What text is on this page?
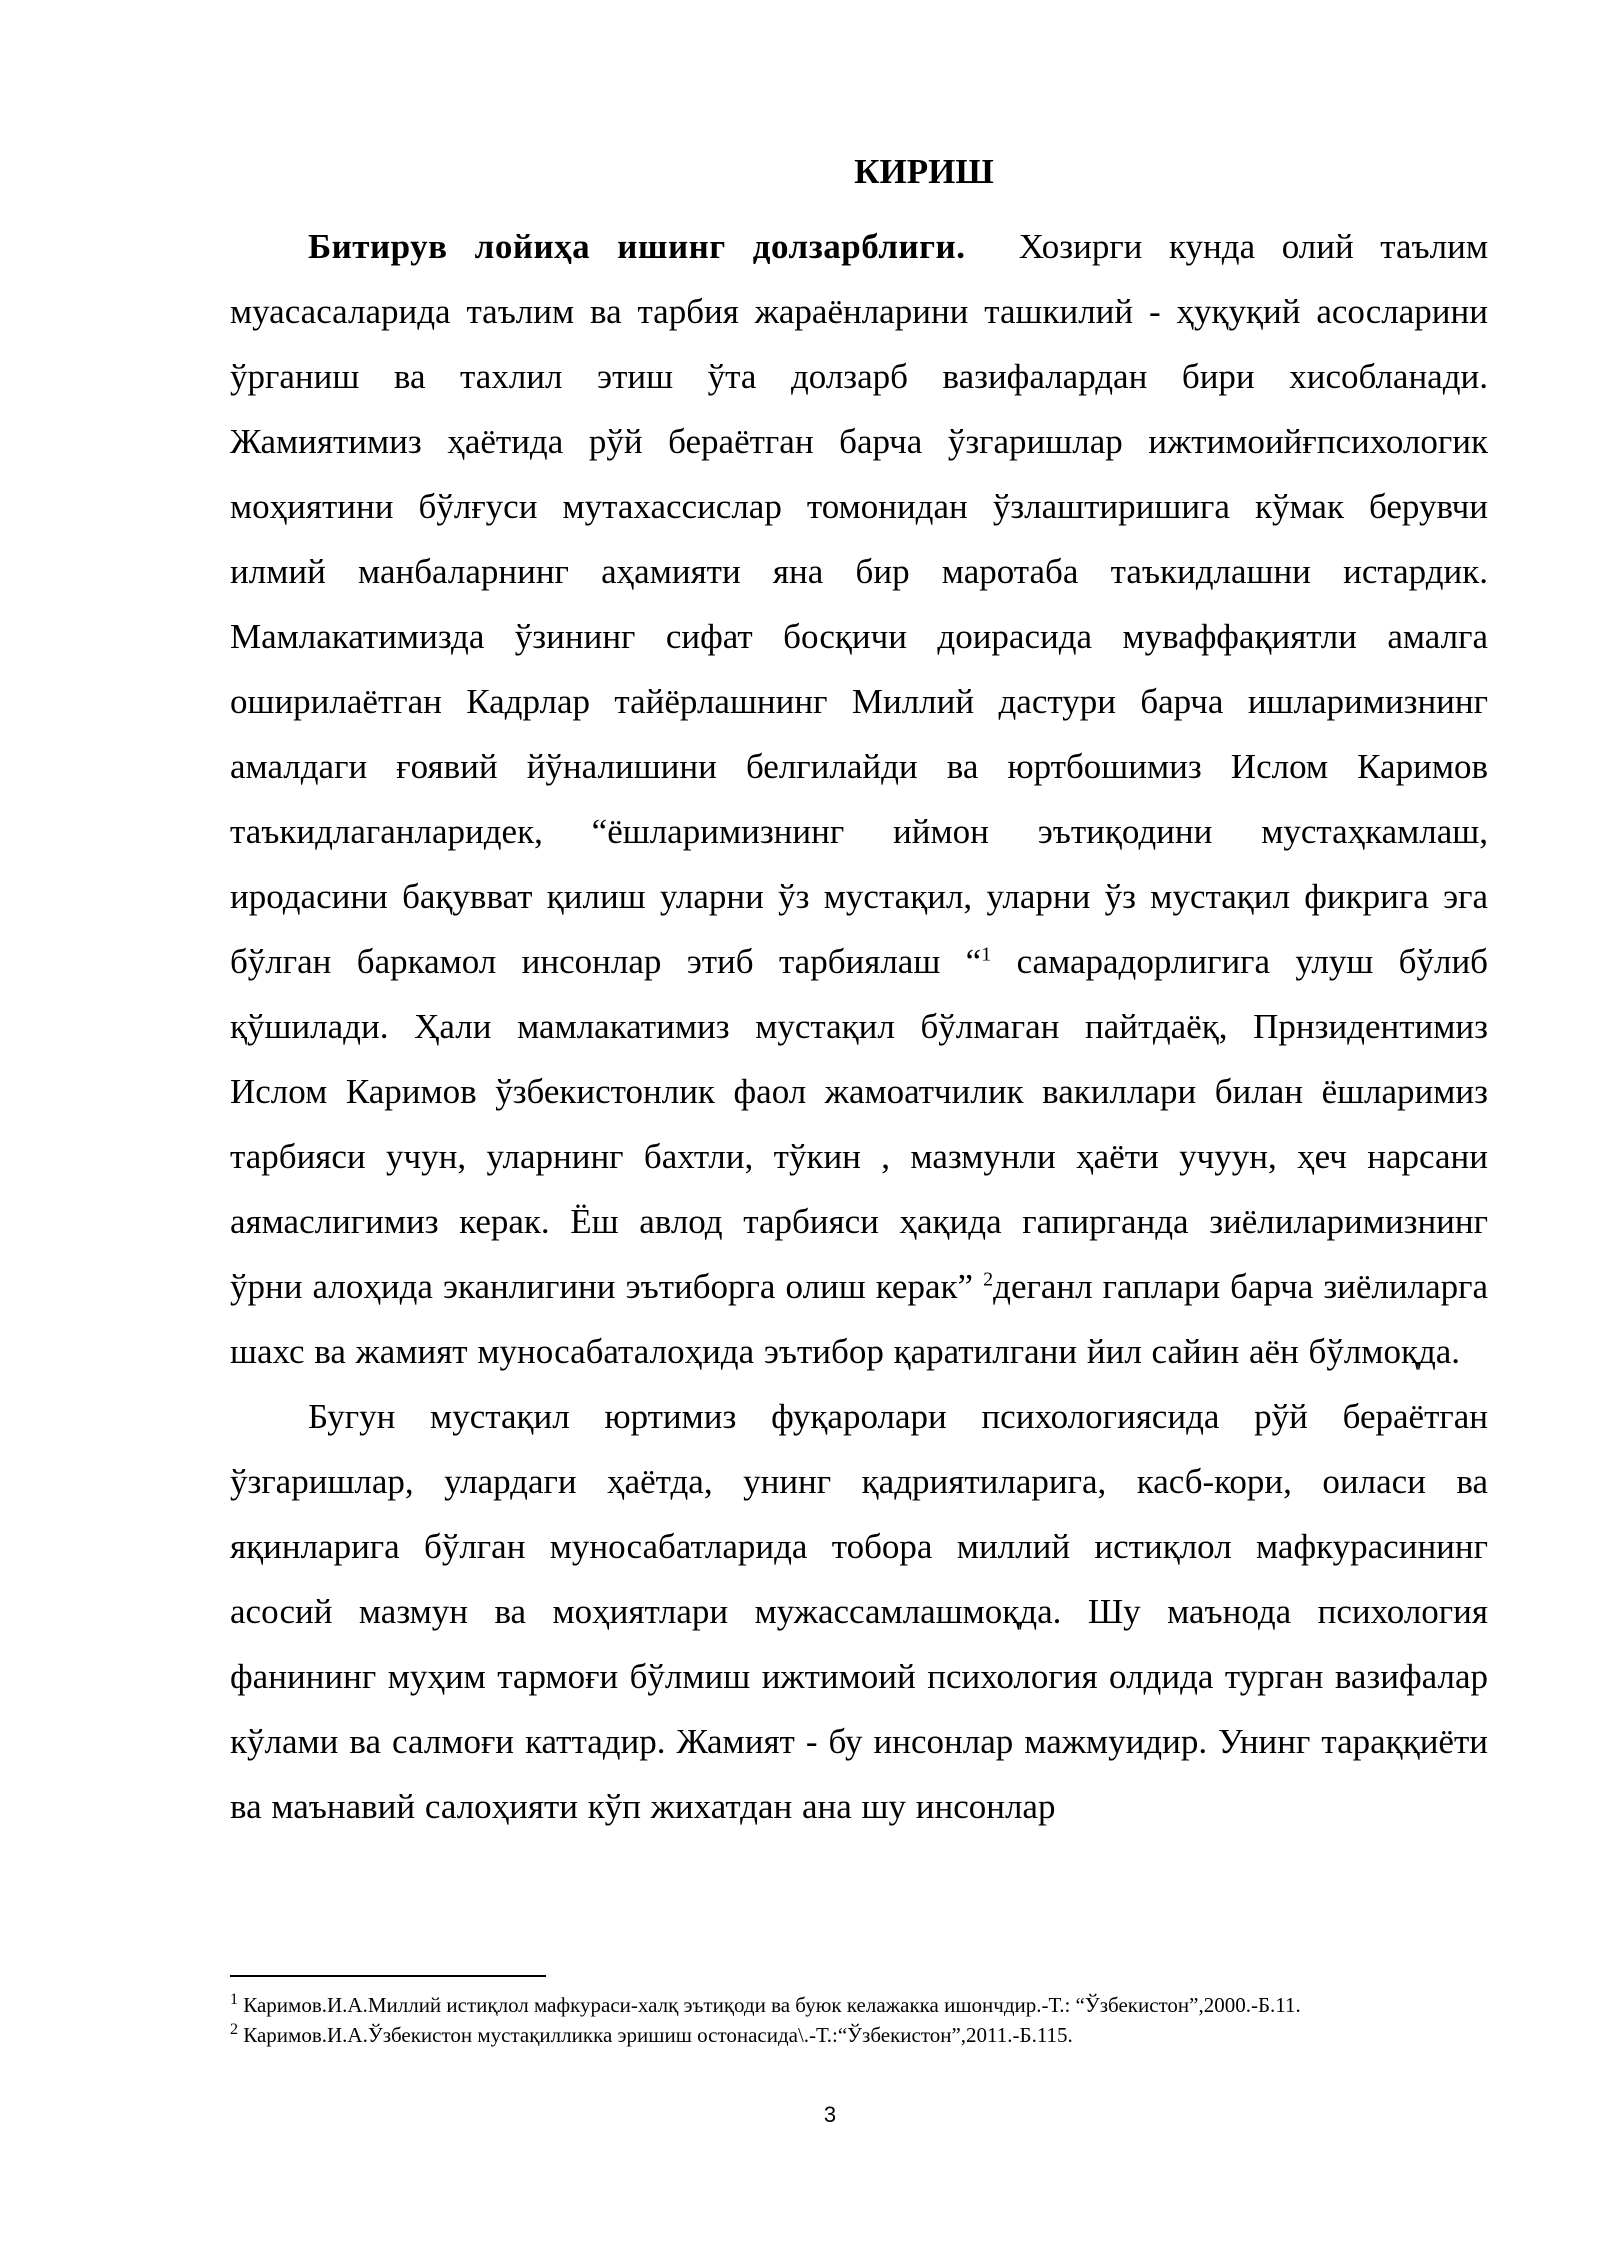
КИРИШ

Битирув лойиҳа ишинг долзарблиги. Хозирги кунда олий таълим муасасаларида таълим ва тарбия жараёнларини ташкилий - ҳуқуқий асосларини ўрганиш ва тахлил этиш ўта долзарб вазифалардан бири хисобланади. Жамиятимиз ҳаётида рўй бераётган барча ўзгаришлар ижтимоийғпсихологик моҳиятини бўлғуси мутахассислар томонидан ўзлаштиришига кўмак берувчи илмий манбаларнинг аҳамияти яна бир маротаба таъкидлашни истардик. Мамлакатимизда ўзининг сифат босқичи доирасида муваффақиятли амалга оширилаётган Кадрлар тайёрлашнинг Миллий дастури барча ишларимизнинг амалдаги ғоявий йўналишини белгилайди ва юртбошимиз Ислом Каримов таъкидлаганларидек, “ёшларимизнинг иймон эътиқодини мустаҳкамлаш, иродасини бақувват қилиш уларни ўз мустақил, уларни ўз мустақил фикрига эга бўлган баркамол инсонлар этиб тарбиялаш “$^1$ самарадорлигига улуш бўлиб қўшилади. Ҳали мамлакатимиз мустақил бўлмаган пайтдаёқ, Прнзидентимиз Ислом Каримов ўзбекистонлик фаол жамоатчилик вакиллари билан ёшларимиз тарбияси учун, уларнинг бахтли, тўкин , мазмунли ҳаёти учуун, ҳеч нарсани аямаслигимиз керак. Ёш авлод тарбияси ҳақида гапирганда зиёлиларимизнинг ўрни алоҳида эканлигини эътиборга олиш керак” $^2$деганл гаплари барча зиёлиларга шахс ва жамият муносабаталоҳида эътибор қаратилгани йил сайин аён бўлмоқда.

Бугун мустақил юртимиз фуқаролари психологиясида рўй бераётган ўзгаришлар, улардаги ҳаётда, унинг қадриятиларига, касб-кори, оиласи ва яқинларига бўлган муносабатларида тобора миллий истиқлол мафкурасининг асосий мазмун ва моҳиятлари мужассамлашмоқда. Шу маънода психология фанининг муҳим тармоғи бўлмиш ижтимоий психология олдида турган вазифалар кўлами ва салмоғи каттадир. Жамият - бу инсонлар мажмуидир. Унинг тараққиёти ва маънавий салоҳияти кўп жихатдан ана шу инсонлар

$^1$ Каримов.И.А.Миллий истиқлол мафкураси-халқ эътиқоди ва буюк келажакка ишончдир.-Т.: “Ўзбекистон”,2000.-Б.11.

$^2$ Каримов.И.А.Ўзбекистон мустақилликка эришиш остонасида\.-Т.:“Ўзбекистон”,2011.-Б.115.

3
